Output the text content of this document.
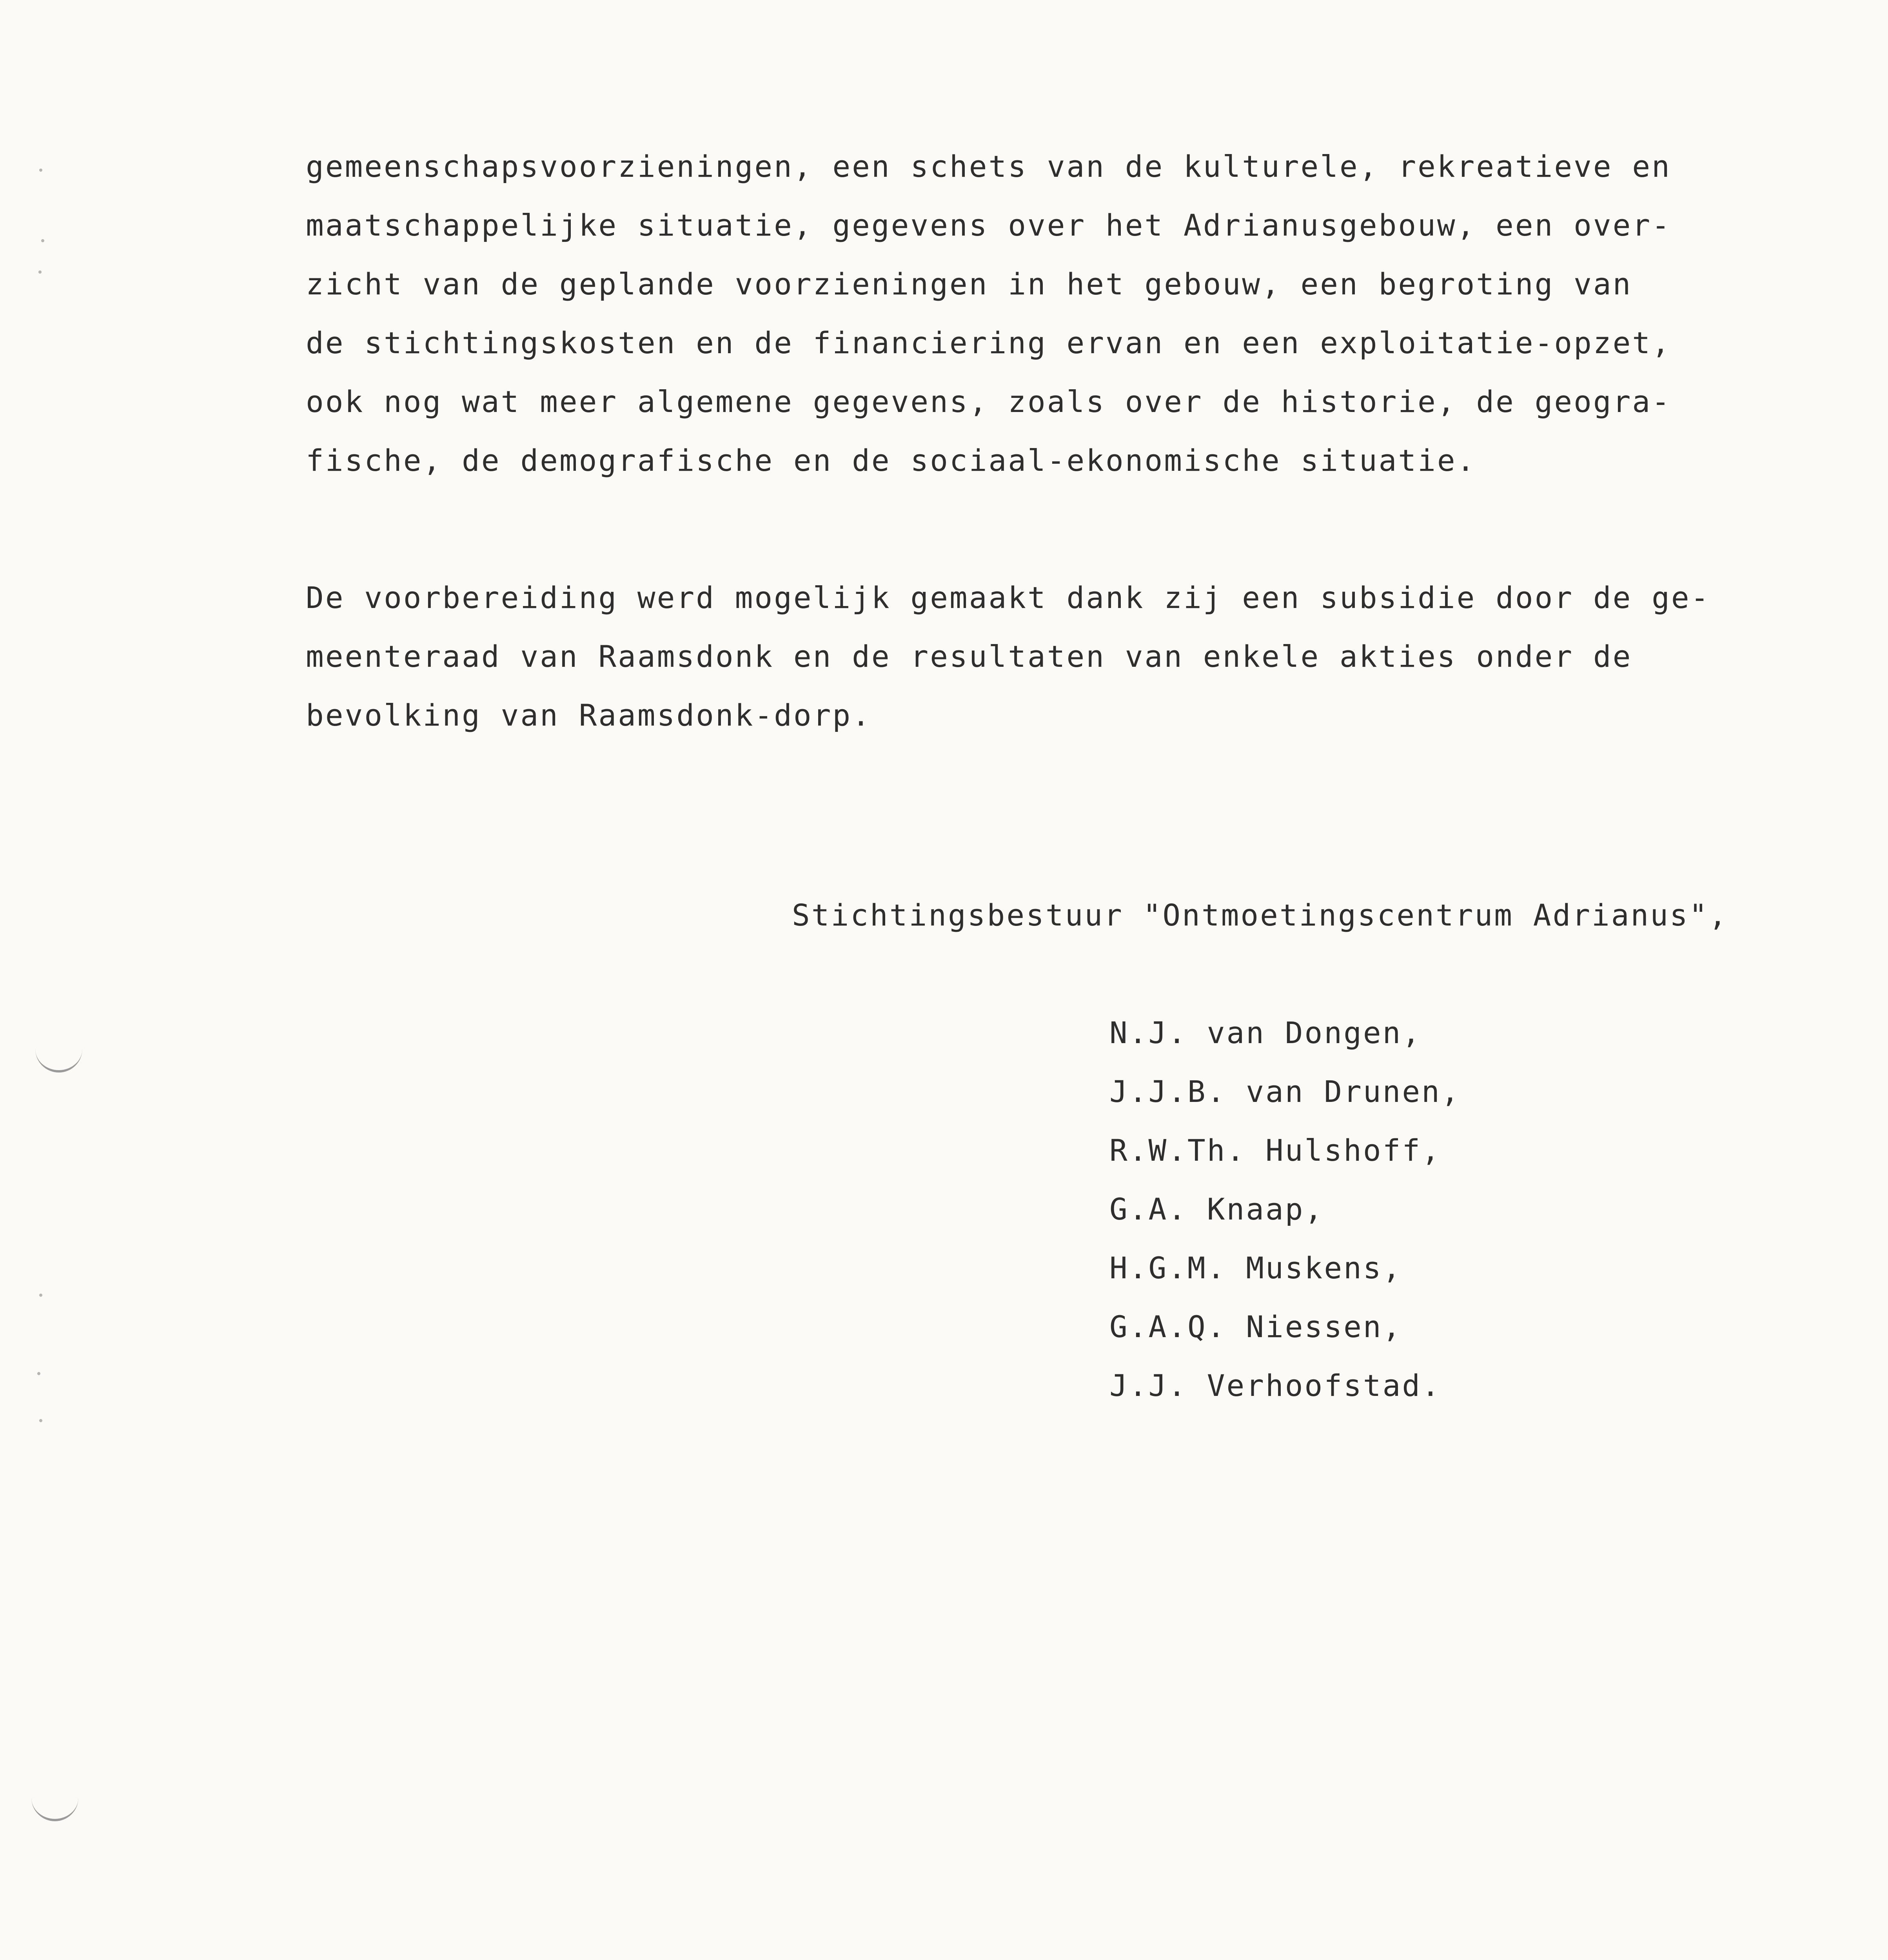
gemeenschapsvoorzieningen, een schets van de kulturele, rekreatieve en

maatschappelijke situatie, gegevens over het Adrianusgebouw, een over-

zicht van de geplande voorzieningen in het gebouw, een begroting van

de stichtingskosten en de financiering ervan en een exploitatie-opzet,

ook nog wat meer algemene gegevens, zoals over de historie, de geogra-

fische, de demografische en de sociaal-ekonomische situatie.

De voorbereiding werd mogelijk gemaakt dank zij een subsidie door de ge-

meenteraad van Raamsdonk en de resultaten van enkele akties onder de

bevolking van Raamsdonk-dorp.

Stichtingsbestuur "Ontmoetingscentrum Adrianus",

N.J. van Dongen,

J.J.B. van Drunen,

R.W.Th. Hulshoff,

G.A. Knaap,

H.G.M. Muskens,

G.A.Q. Niessen,

J.J. Verhoofstad.
